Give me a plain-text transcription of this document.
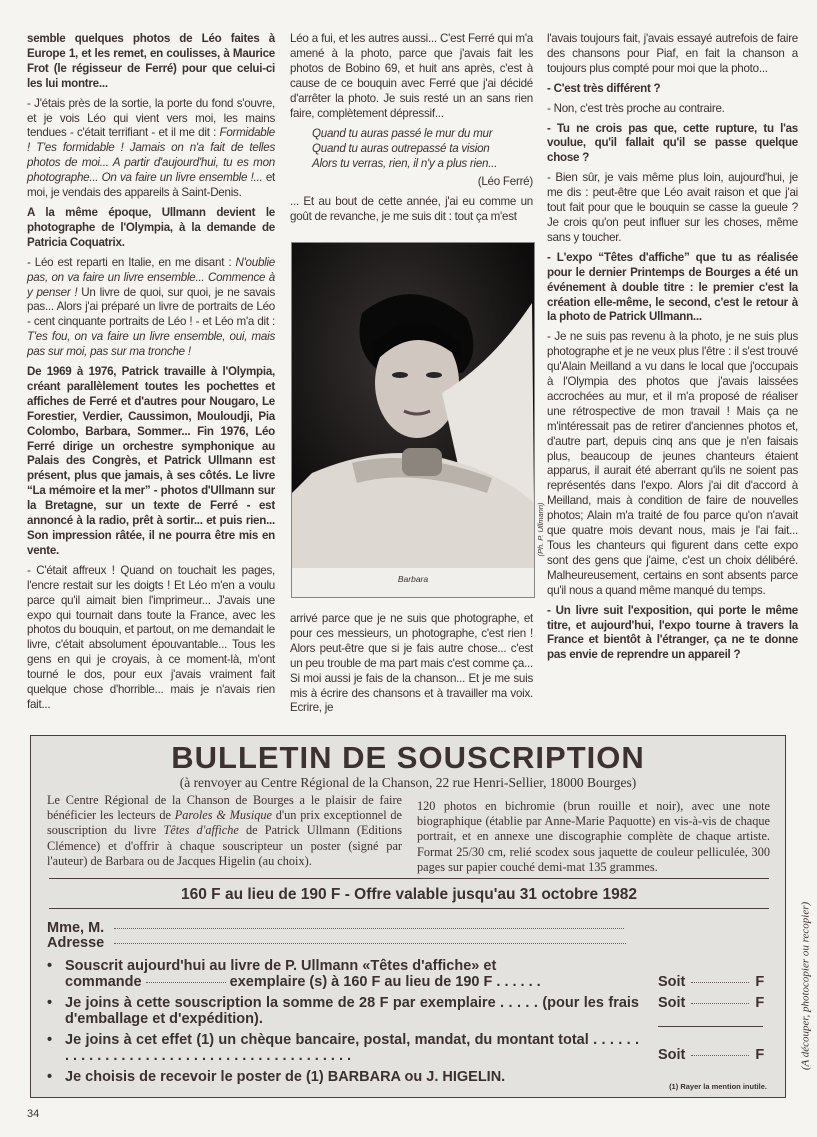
semble quelques photos de Léo faites à Europe 1, et les remet, en coulisses, à Maurice Frot (le régisseur de Ferré) pour que celui-ci les lui montre...

- J'étais près de la sortie, la porte du fond s'ouvre, et je vois Léo qui vient vers moi, les mains tendues - c'était terrifiant - et il me dit : Formidable ! T'es formidable ! Jamais on n'a fait de telles photos de moi... A partir d'aujourd'hui, tu es mon photographe... On va faire un livre ensemble !... et moi, je vendais des appareils à Saint-Denis.

A la même époque, Ullmann devient le photographe de l'Olympia, à la demande de Patricia Coquatrix.

- Léo est reparti en Italie, en me disant : N'oublie pas, on va faire un livre ensemble... Commence à y penser ! Un livre de quoi, sur quoi, je ne savais pas... Alors j'ai préparé un livre de portraits de Léo - cent cinquante portraits de Léo ! - et Léo m'a dit : T'es fou, on va faire un livre ensemble, oui, mais pas sur moi, pas sur ma tronche !

De 1969 à 1976, Patrick travaille à l'Olympia, créant parallèlement toutes les pochettes et affiches de Ferré et d'autres pour Nougaro, Le Forestier, Verdier, Caussimon, Mouloudji, Pia Colombo, Barbara, Sommer... Fin 1976, Léo Ferré dirige un orchestre symphonique au Palais des Congrès, et Patrick Ullmann est présent, plus que jamais, à ses côtés. Le livre “La mémoire et la mer” - photos d'Ullmann sur la Bretagne, sur un texte de Ferré - est annoncé à la radio, prêt à sortir... et puis rien... Son impression râtée, il ne pourra être mis en vente.

- C'était affreux ! Quand on touchait les pages, l'encre restait sur les doigts ! Et Léo m'en a voulu parce qu'il aimait bien l'imprimeur... J'avais une expo qui tournait dans toute la France, avec les photos du bouquin, et partout, on me demandait le livre, c'était absolument épouvantable... Tous les gens en qui je croyais, à ce moment-là, m'ont tourné le dos, pour eux j'avais vraiment fait quelque chose d'horrible... mais je n'avais rien fait...

Léo a fui, et les autres aussi... C'est Ferré qui m'a amené à la photo, parce que j'avais fait les photos de Bobino 69, et huit ans après, c'est à cause de ce bouquin avec Ferré que j'ai décidé d'arrêter la photo. Je suis resté un an sans rien faire, complètement dépressif...

Quand tu auras passé le mur du mur
Quand tu auras outrepassé ta vision
Alors tu verras, rien, il n'y a plus rien...

(Léo Ferré)

... Et au bout de cette année, j'ai eu comme un goût de revanche, je me suis dit : tout ça m'est

Barbara
(Ph. P. Ullmann)

arrivé parce que je ne suis que photographe, et pour ces messieurs, un photographe, c'est rien ! Alors peut-être que si je fais autre chose... c'est un peu trouble de ma part mais c'est comme ça... Si moi aussi je fais de la chanson... Et je me suis mis à écrire des chansons et à travailler ma voix. Ecrire, je

l'avais toujours fait, j'avais essayé autrefois de faire des chansons pour Piaf, en fait la chanson a toujours plus compté pour moi que la photo...

- C'est très différent ?

- Non, c'est très proche au contraire.

- Tu ne crois pas que, cette rupture, tu l'as voulue, qu'il fallait qu'il se passe quelque chose ?

- Bien sûr, je vais même plus loin, aujourd'hui, je me dis : peut-être que Léo avait raison et que j'ai tout fait pour que le bouquin se casse la gueule ? Je crois qu'on peut influer sur les choses, même sans y toucher.

- L'expo “Têtes d'affiche” que tu as réalisée pour le dernier Printemps de Bourges a été un événement à double titre : le premier c'est la création elle-même, le second, c'est le retour à la photo de Patrick Ullmann...

- Je ne suis pas revenu à la photo, je ne suis plus photographe et je ne veux plus l'être : il s'est trouvé qu'Alain Meilland a vu dans le local que j'occupais à l'Olympia des photos que j'avais laissées accrochées au mur, et il m'a proposé de réaliser une rétrospective de mon travail ! Mais ça ne m'intéressait pas de retirer d'anciennes photos et, d'autre part, depuis cinq ans que je n'en faisais plus, beaucoup de jeunes chanteurs étaient apparus, il aurait été aberrant qu'ils ne soient pas représentés dans l'expo. Alors j'ai dit d'accord à Meilland, mais à condition de faire de nouvelles photos; Alain m'a traité de fou parce qu'on n'avait que quatre mois devant nous, mais je l'ai fait... Tous les chanteurs qui figurent dans cette expo sont des gens que j'aime, c'est un choix délibéré. Malheureusement, certains en sont absents parce qu'il nous a quand même manqué du temps.

- Un livre suit l'exposition, qui porte le même titre, et aujourd'hui, l'expo tourne à travers la France et bientôt à l'étranger, ça ne te donne pas envie de reprendre un appareil ?

BULLETIN DE SOUSCRIPTION
(à renvoyer au Centre Régional de la Chanson, 22 rue Henri-Sellier, 18000 Bourges)
Le Centre Régional de la Chanson de Bourges a le plaisir de faire bénéficier les lecteurs de Paroles & Musique d'un prix exceptionnel de souscription du livre Têtes d'affiche de Patrick Ullmann (Editions Clémence) et d'offrir à chaque souscripteur un poster (signé par l'auteur) de Barbara ou de Jacques Higelin (au choix).
120 photos en bichromie (brun rouille et noir), avec une note biographique (établie par Anne-Marie Paquotte) en vis-à-vis de chaque portrait, et en annexe une discographie complète de chaque artiste. Format 25/30 cm, relié scodex sous jaquette de couleur pelliculée, 300 pages sur papier couché demi-mat 135 grammes.
160 F au lieu de 190 F - Offre valable jusqu'au 31 octobre 1982
Mme, M.
Adresse
• Souscrit aujourd'hui au livre de P. Ullmann «Têtes d'affiche» et
commande	exemplaire (s) à 160 F au lieu de 190 F . . . . . .	Soit	F
• Je joins à cette souscription la somme de 28 F par exemplaire . . . . . (pour les frais d'emballage et d'expédition).
Soit	F
• Je joins à cet effet (1) un chèque bancaire, postal, mandat, du montant total . . . . . . . . . . . . . . . . . . . . . . . . . . . . . . . . . . . . . . . . . .	Soit	F
• Je choisis de recevoir le poster de (1) BARBARA ou J. HIGELIN.
(1) Rayer la mention inutile.
(A découper, photocopier ou recopier)
34
